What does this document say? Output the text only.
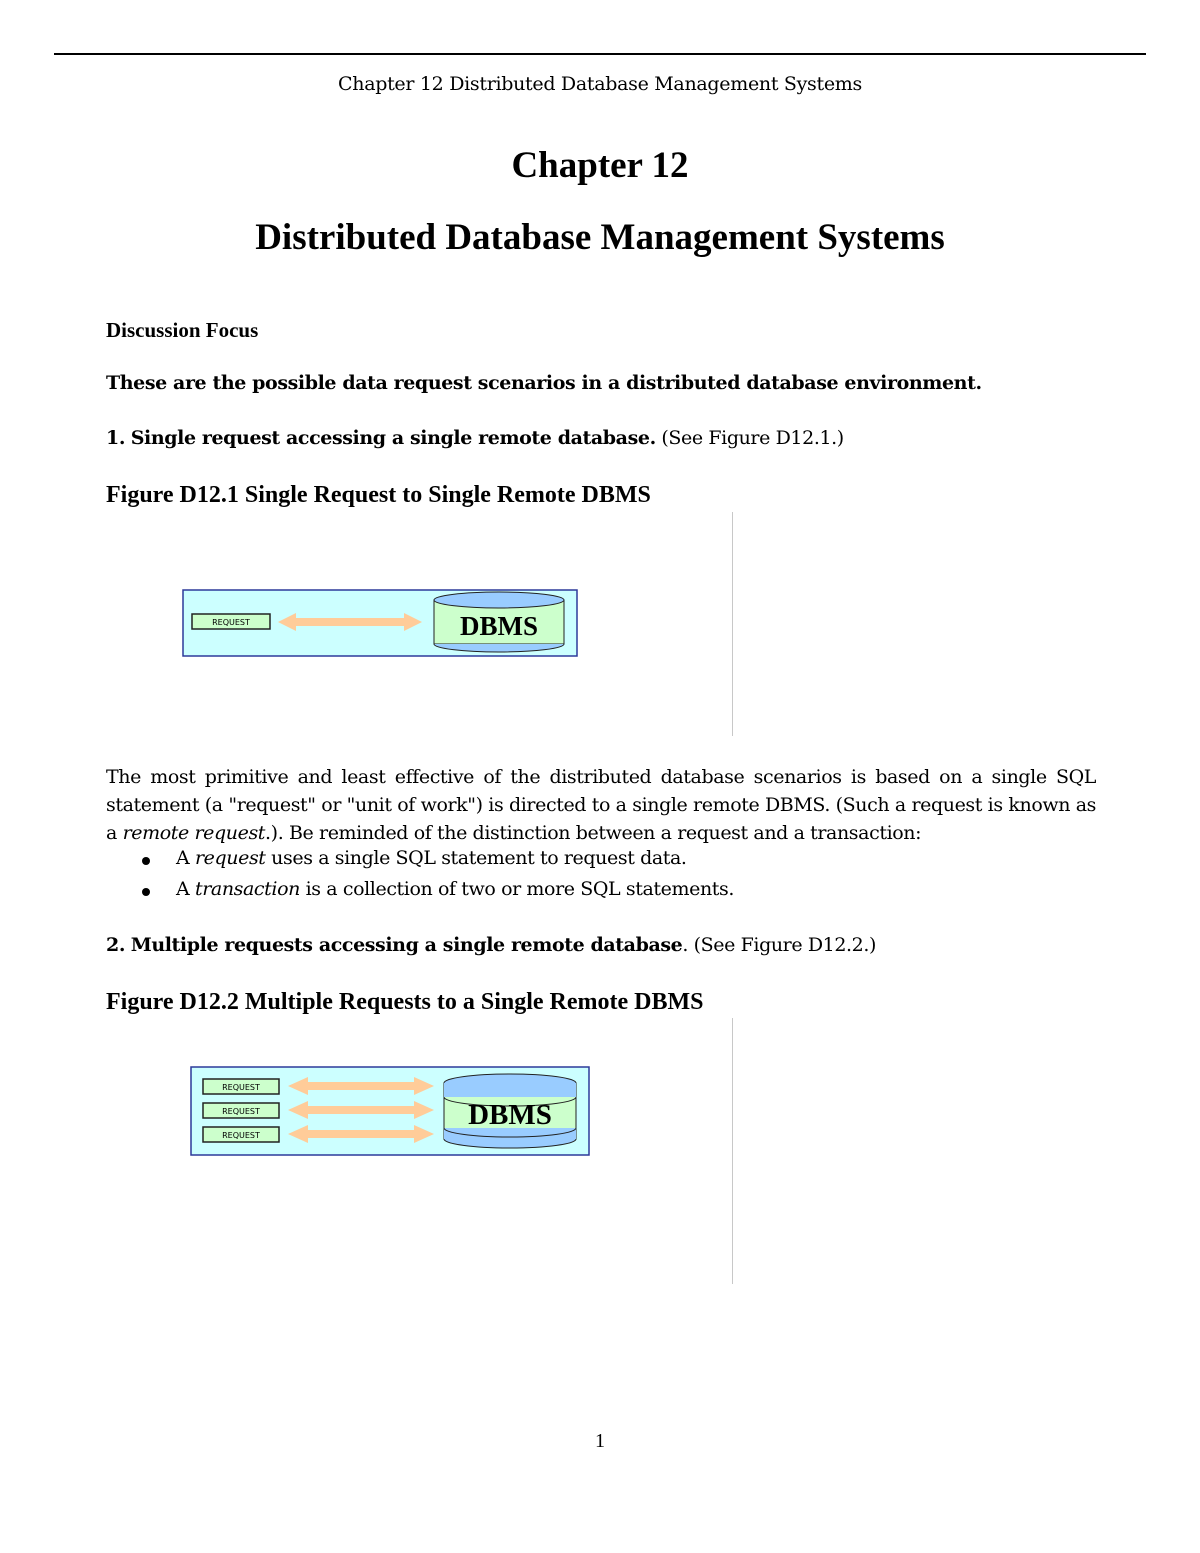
Chapter 12 Distributed Database Management Systems
Chapter 12
Distributed Database Management Systems
Discussion Focus
These are the possible data request scenarios in a distributed database environment.
1. Single request accessing a single remote database. (See Figure D12.1.)
Figure D12.1 Single Request to Single Remote DBMS
REQUEST	DBMS
The most primitive and least effective of the distributed database scenarios is based on a single SQL statement (a "request" or "unit of work") is directed to a single remote DBMS. (Such a request is known as a remote request.). Be reminded of the distinction between a request and a transaction:
A request uses a single SQL statement to request data.
A transaction is a collection of two or more SQL statements.
2. Multiple requests accessing a single remote database. (See Figure D12.2.)
Figure D12.2 Multiple Requests to a Single Remote DBMS
REQUEST
REQUEST
REQUEST
DBMS
1
